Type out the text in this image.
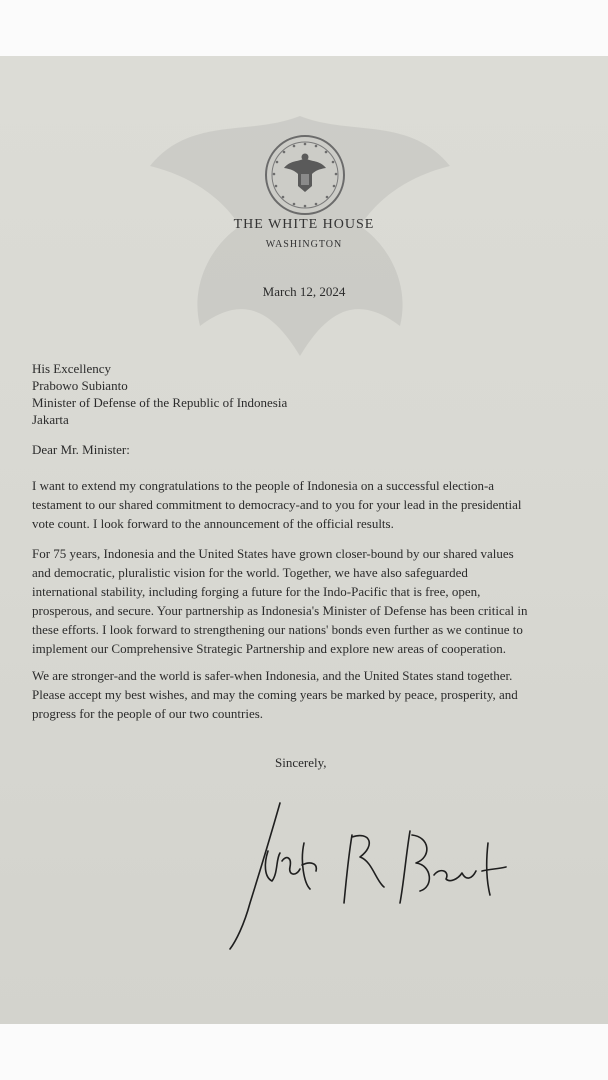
THE WHITE HOUSE
WASHINGTON
March 12, 2024
His Excellency
Prabowo Subianto
Minister of Defense of the Republic of Indonesia
Jakarta
Dear Mr. Minister:
I want to extend my congratulations to the people of Indonesia on a successful election-a
testament to our shared commitment to democracy-and to you for your lead in the presidential
vote count. I look forward to the announcement of the official results.
For 75 years, Indonesia and the United States have grown closer-bound by our shared values
and democratic, pluralistic vision for the world. Together, we have also safeguarded
international stability, including forging a future for the Indo-Pacific that is free, open,
prosperous, and secure. Your partnership as Indonesia's Minister of Defense has been critical in
these efforts. I look forward to strengthening our nations' bonds even further as we continue to
implement our Comprehensive Strategic Partnership and explore new areas of cooperation.
We are stronger-and the world is safer-when Indonesia, and the United States stand together.
Please accept my best wishes, and may the coming years be marked by peace, prosperity, and
progress for the people of our two countries.
Sincerely,
